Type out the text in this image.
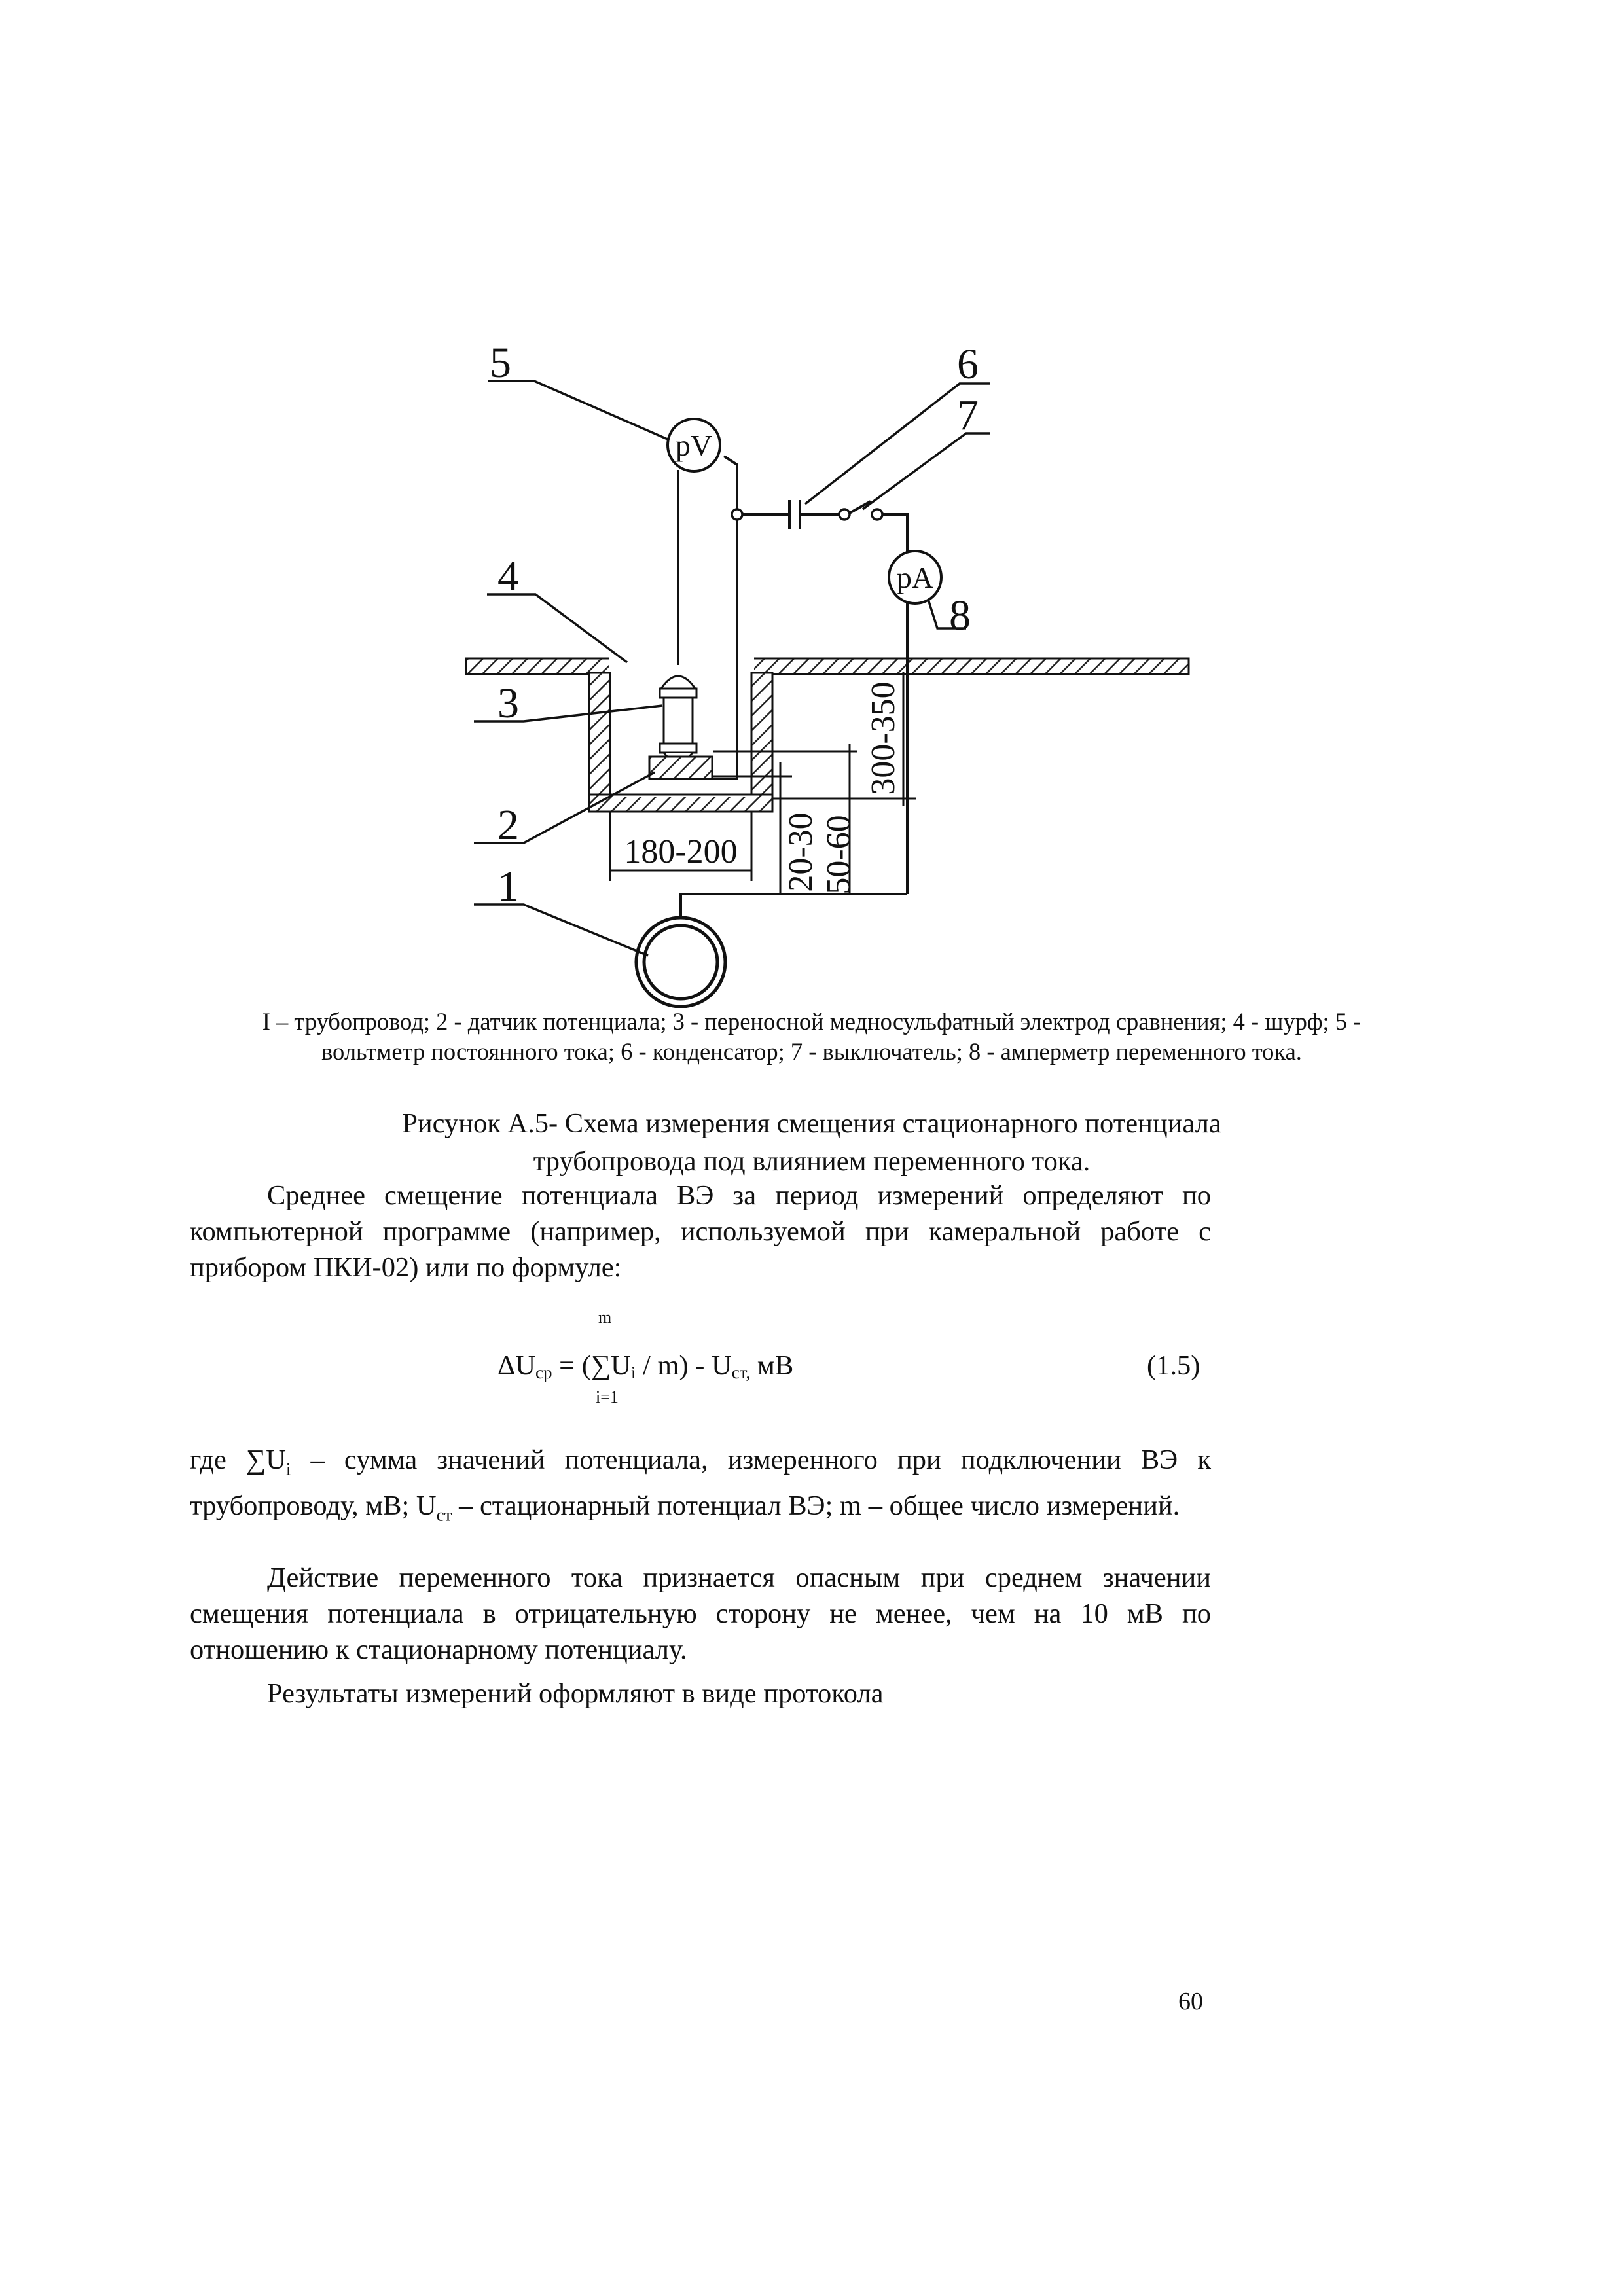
pV
pA
5	6
7
4
8
3
2
1
180-200
300-350
20-30 50-60
I – трубопровод; 2 - датчик потенциала; 3 - переносной медносульфатный электрод сравнения; 4 - шурф; 5 - вольтметр постоянного тока; 6 - конденсатор; 7 - выключатель; 8 - амперметр переменного тока.
Рисунок А.5- Схема измерения смещения стационарного потенциала
трубопровода под влиянием переменного тока.
Среднее смещение потенциала ВЭ за период измерений определяют по компьютерной программе (например, используемой при камеральной работе с прибором ПКИ-02) или по формуле:
m
$\Delta U_{ср} = (\sum U_i / m) - U_{ст,}$ мВ
i=1
(1.5)
где $\sum U_i$ – сумма значений потенциала, измеренного при подключении ВЭ к трубопроводу, мВ; $U_{ст}$ – стационарный потенциал ВЭ; m – общее число измерений.
Действие переменного тока признается опасным при среднем значении смещения потенциала в отрицательную сторону не менее, чем на 10 мВ по отношению к стационарному потенциалу.
Результаты измерений оформляют в виде протокола
60
